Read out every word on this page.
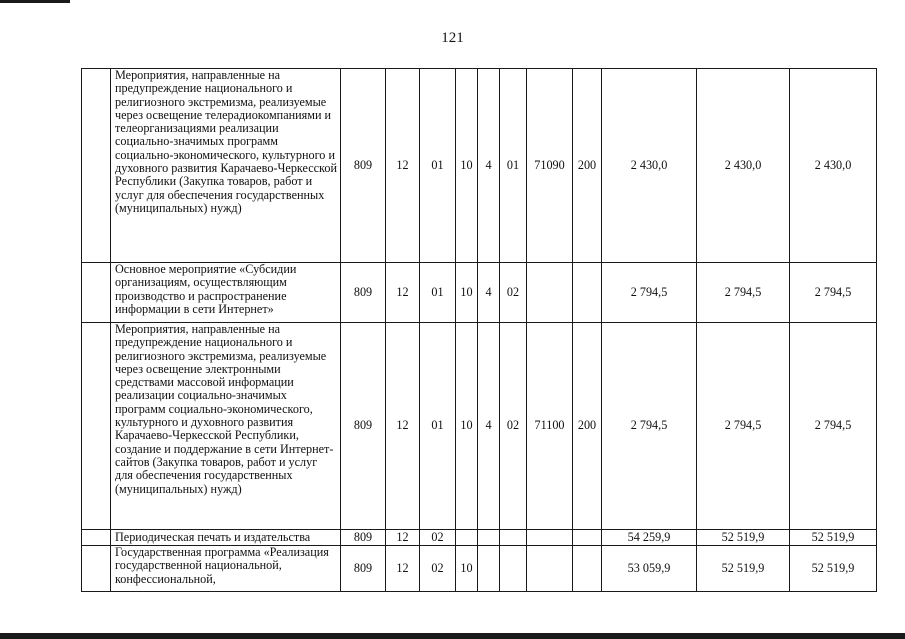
121
	Мероприятия, направленные на предупреждение национального и религиозного экстремизма, реализуемые через освещение телерадиокомпаниями и телеорганизациями реализации социально-значимых программ социально-экономического, культурного и духовного развития Карачаево-Черкесской Республики (Закупка товаров, работ и услуг для обеспечения государственных (муниципальных) нужд)	809	12	01	10	4	01	71090	200	2 430,0	2 430,0	2 430,0
	Основное мероприятие «Субсидии организациям, осуществляющим производство и распространение информации в сети Интернет»	809	12	01	10	4	02			2 794,5	2 794,5	2 794,5
	Мероприятия, направленные на предупреждение национального и религиозного экстремизма, реализуемые через освещение электронными средствами массовой информации реализации социально-значимых программ социально-экономического, культурного и духовного развития Карачаево-Черкесской Республики, создание и поддержание в сети Интернет-сайтов (Закупка товаров, работ и услуг для обеспечения государственных (муниципальных) нужд)	809	12	01	10	4	02	71100	200	2 794,5	2 794,5	2 794,5
	Периодическая печать и издательства	809	12	02						54 259,9	52 519,9	52 519,9
	Государственная программа «Реализация государственной национальной, конфессиональной,	809	12	02	10					53 059,9	52 519,9	52 519,9
